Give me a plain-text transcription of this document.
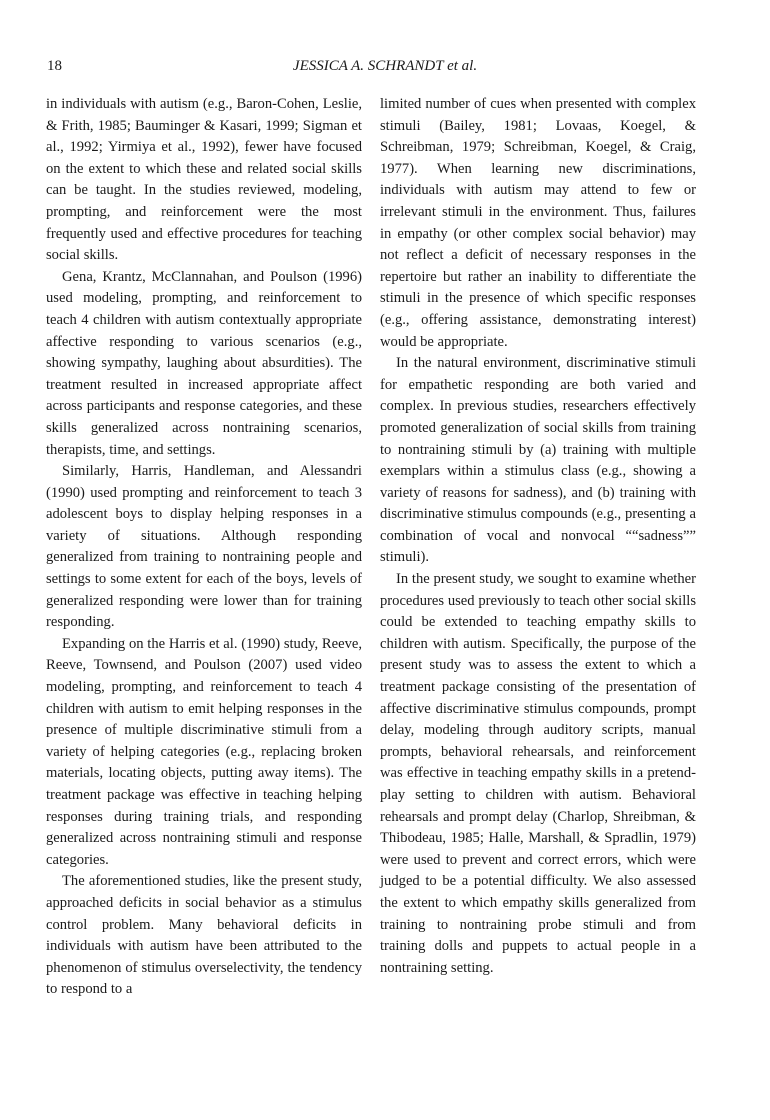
18	JESSICA A. SCHRANDT et al.

in individuals with autism (e.g., Baron-Cohen, Leslie, & Frith, 1985; Bauminger & Kasari, 1999; Sigman et al., 1992; Yirmiya et al., 1992), fewer have focused on the extent to which these and related social skills can be taught. In the studies reviewed, modeling, prompting, and reinforcement were the most frequently used and effective procedures for teaching social skills.

Gena, Krantz, McClannahan, and Poulson (1996) used modeling, prompting, and reinforcement to teach 4 children with autism contextually appropriate affective responding to various scenarios (e.g., showing sympathy, laughing about absurdities). The treatment resulted in increased appropriate affect across participants and response categories, and these skills generalized across nontraining scenarios, therapists, time, and settings.

Similarly, Harris, Handleman, and Alessandri (1990) used prompting and reinforcement to teach 3 adolescent boys to display helping responses in a variety of situations. Although responding generalized from training to nontraining people and settings to some extent for each of the boys, levels of generalized responding were lower than for training responding.

Expanding on the Harris et al. (1990) study, Reeve, Reeve, Townsend, and Poulson (2007) used video modeling, prompting, and reinforcement to teach 4 children with autism to emit helping responses in the presence of multiple discriminative stimuli from a variety of helping categories (e.g., replacing broken materials, locating objects, putting away items). The treatment package was effective in teaching helping responses during training trials, and responding generalized across nontraining stimuli and response categories.

The aforementioned studies, like the present study, approached deficits in social behavior as a stimulus control problem. Many behavioral deficits in individuals with autism have been attributed to the phenomenon of stimulus overselectivity, the tendency to respond to a

limited number of cues when presented with complex stimuli (Bailey, 1981; Lovaas, Koegel, & Schreibman, 1979; Schreibman, Koegel, & Craig, 1977). When learning new discriminations, individuals with autism may attend to few or irrelevant stimuli in the environment. Thus, failures in empathy (or other complex social behavior) may not reflect a deficit of necessary responses in the repertoire but rather an inability to differentiate the stimuli in the presence of which specific responses (e.g., offering assistance, demonstrating interest) would be appropriate.

In the natural environment, discriminative stimuli for empathetic responding are both varied and complex. In previous studies, researchers effectively promoted generalization of social skills from training to nontraining stimuli by (a) training with multiple exemplars within a stimulus class (e.g., showing a variety of reasons for sadness), and (b) training with discriminative stimulus compounds (e.g., presenting a combination of vocal and nonvocal ““sadness”” stimuli).

In the present study, we sought to examine whether procedures used previously to teach other social skills could be extended to teaching empathy skills to children with autism. Specifically, the purpose of the present study was to assess the extent to which a treatment package consisting of the presentation of affective discriminative stimulus compounds, prompt delay, modeling through auditory scripts, manual prompts, behavioral rehearsals, and reinforcement was effective in teaching empathy skills in a pretend-play setting to children with autism. Behavioral rehearsals and prompt delay (Charlop, Shreibman, & Thibodeau, 1985; Halle, Marshall, & Spradlin, 1979) were used to prevent and correct errors, which were judged to be a potential difficulty. We also assessed the extent to which empathy skills generalized from training to nontraining probe stimuli and from training dolls and puppets to actual people in a nontraining setting.
